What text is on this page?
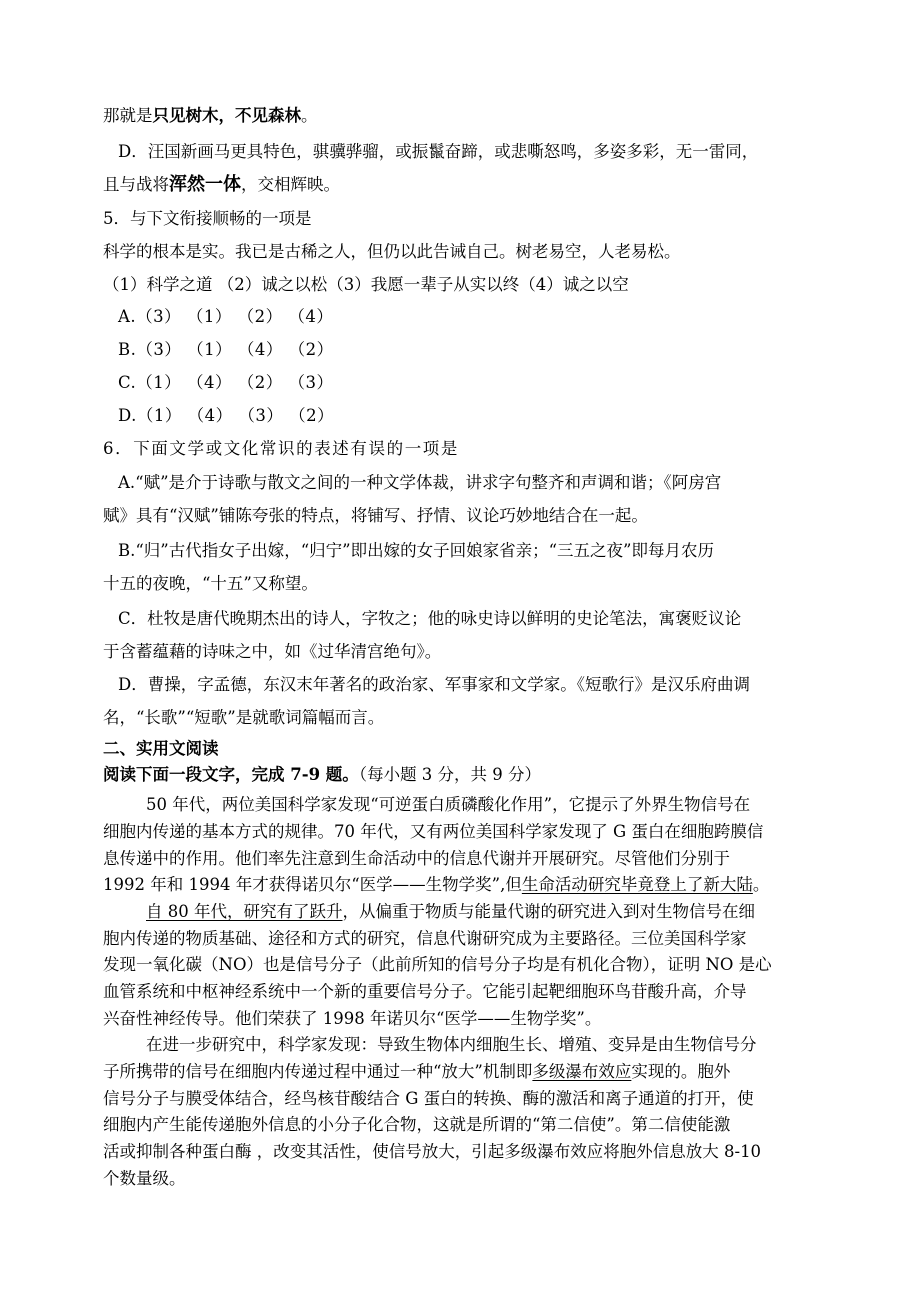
那就是只见树木，不见森林。
D．汪国新画马更具特色，骐骥骅骝，或振鬣奋蹄，或悲嘶怒鸣，多姿多彩，无一雷同，
且与战将浑然一体，交相辉映。
5．与下文衔接顺畅的一项是
科学的根本是实。我已是古稀之人，但仍以此告诫自己。树老易空，人老易松。
（1）科学之道 （2）诚之以松（3）我愿一辈子从实以终（4）诚之以空
A.（3） （1） （2） （4）
B.（3） （1） （4） （2）
C.（1） （4） （2） （3）
D.（1） （4） （3） （2）
6．下面文学或文化常识的表述有误的一项是
A.“赋”是介于诗歌与散文之间的一种文学体裁，讲求字句整齐和声调和谐；《阿房宫
赋》具有“汉赋”铺陈夸张的特点，将铺写、抒情、议论巧妙地结合在一起。
B.“归”古代指女子出嫁，“归宁”即出嫁的女子回娘家省亲；“三五之夜”即每月农历
十五的夜晚，“十五”又称望。
C．杜牧是唐代晚期杰出的诗人，字牧之；他的咏史诗以鲜明的史论笔法，寓褒贬议论
于含蓄蕴藉的诗味之中，如《过华清宫绝句》。
D．曹操，字孟德，东汉末年著名的政治家、军事家和文学家。《短歌行》是汉乐府曲调
名，“长歌”“短歌”是就歌词篇幅而言。
二、实用文阅读
阅读下面一段文字，完成 7-9 题。（每小题 3 分，共 9 分）
50 年代，两位美国科学家发现“可逆蛋白质磷酸化作用”，它提示了外界生物信号在
细胞内传递的基本方式的规律。70 年代，又有两位美国科学家发现了 G 蛋白在细胞跨膜信
息传递中的作用。他们率先注意到生命活动中的信息代谢并开展研究。尽管他们分别于
1992 年和 1994 年才获得诺贝尔“医学——生物学奖”,但生命活动研究毕竟登上了新大陆。
自 80 年代，研究有了跃升，从偏重于物质与能量代谢的研究进入到对生物信号在细
胞内传递的物质基础、途径和方式的研究，信息代谢研究成为主要路径。三位美国科学家
发现一氧化碳（NO）也是信号分子（此前所知的信号分子均是有机化合物），证明 NO 是心
血管系统和中枢神经系统中一个新的重要信号分子。它能引起靶细胞环鸟苷酸升高，介导
兴奋性神经传导。他们荣获了 1998 年诺贝尔“医学——生物学奖”。
在进一步研究中，科学家发现：导致生物体内细胞生长、增殖、变异是由生物信号分
子所携带的信号在细胞内传递过程中通过一种“放大”机制即多级瀑布效应实现的。胞外
信号分子与膜受体结合，经鸟核苷酸结合 G 蛋白的转换、酶的激活和离子通道的打开，使
细胞内产生能传递胞外信息的小分子化合物，这就是所谓的“第二信使”。第二信使能激
活或抑制各种蛋白酶 ，改变其活性，使信号放大，引起多级瀑布效应将胞外信息放大 8-10
个数量级。
